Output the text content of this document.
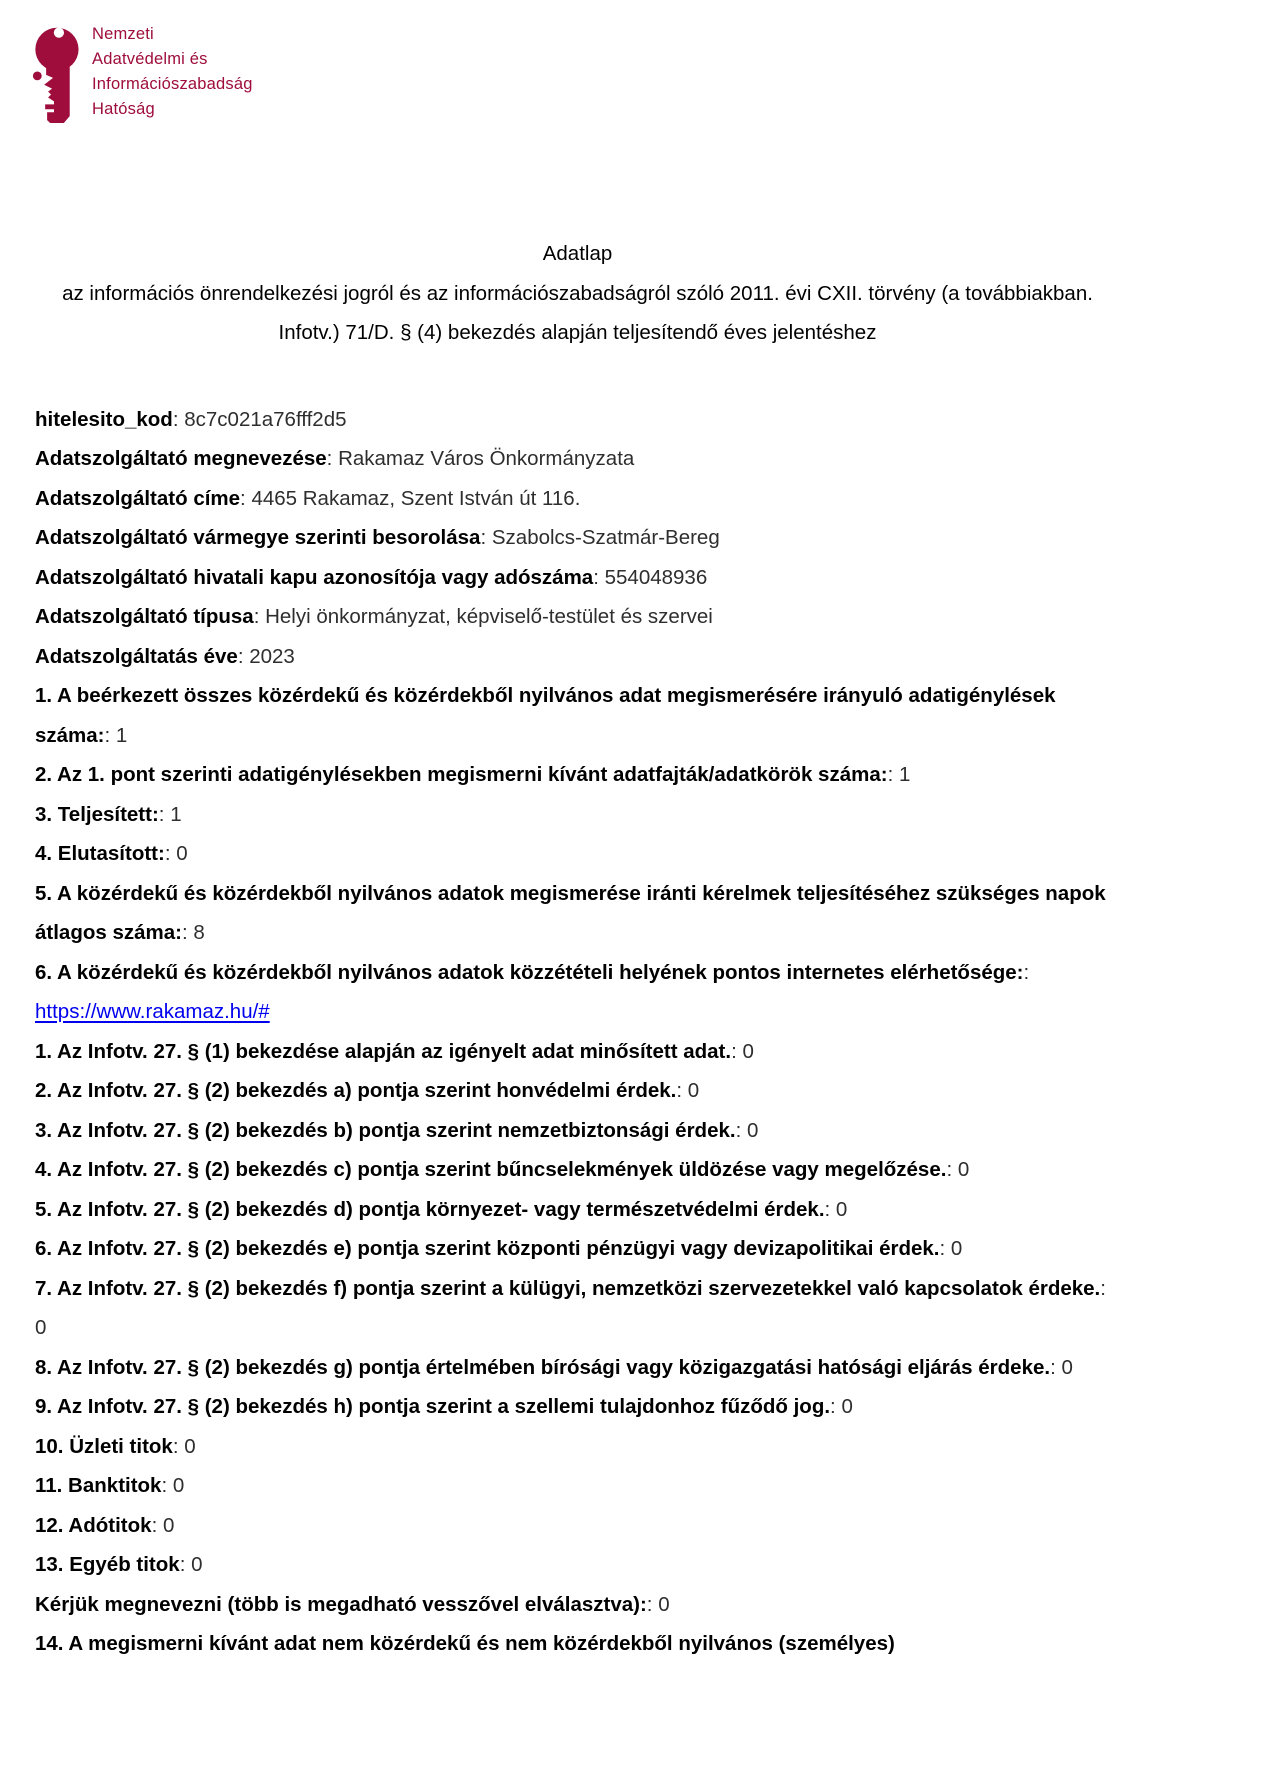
Nemzeti
Adatvédelmi és
Információszabadság
Hatóság

Adatlap

az információs önrendelkezési jogról és az információszabadságról szóló 2011. évi CXII. törvény (a továbbiakban. Infotv.) 71/D. § (4) bekezdés alapján teljesítendő éves jelentéshez

hitelesito_kod: 8c7c021a76fff2d5

Adatszolgáltató megnevezése: Rakamaz Város Önkormányzata

Adatszolgáltató címe: 4465 Rakamaz, Szent István út 116.

Adatszolgáltató vármegye szerinti besorolása: Szabolcs-Szatmár-Bereg

Adatszolgáltató hivatali kapu azonosítója vagy adószáma: 554048936

Adatszolgáltató típusa: Helyi önkormányzat, képviselő-testület és szervei

Adatszolgáltatás éve: 2023

1. A beérkezett összes közérdekű és közérdekből nyilvános adat megismerésére irányuló adatigénylések száma:: 1

2. Az 1. pont szerinti adatigénylésekben megismerni kívánt adatfajták/adatkörök száma:: 1

3. Teljesített:: 1

4. Elutasított:: 0

5. A közérdekű és közérdekből nyilvános adatok megismerése iránti kérelmek teljesítéséhez szükséges napok átlagos száma:: 8

6. A közérdekű és közérdekből nyilvános adatok közzétételi helyének pontos internetes elérhetősége:: https://www.rakamaz.hu/#

1. Az Infotv. 27. § (1) bekezdése alapján az igényelt adat minősített adat.: 0

2. Az Infotv. 27. § (2) bekezdés a) pontja szerint honvédelmi érdek.: 0

3. Az Infotv. 27. § (2) bekezdés b) pontja szerint nemzetbiztonsági érdek.: 0

4. Az Infotv. 27. § (2) bekezdés c) pontja szerint bűncselekmények üldözése vagy megelőzése.: 0

5. Az Infotv. 27. § (2) bekezdés d) pontja környezet- vagy természetvédelmi érdek.: 0

6. Az Infotv. 27. § (2) bekezdés e) pontja szerint központi pénzügyi vagy devizapolitikai érdek.: 0

7. Az Infotv. 27. § (2) bekezdés f) pontja szerint a külügyi, nemzetközi szervezetekkel való kapcsolatok érdeke.: 0

8. Az Infotv. 27. § (2) bekezdés g) pontja értelmében bírósági vagy közigazgatási hatósági eljárás érdeke.: 0

9. Az Infotv. 27. § (2) bekezdés h) pontja szerint a szellemi tulajdonhoz fűződő jog.: 0

10. Üzleti titok: 0

11. Banktitok: 0

12. Adótitok: 0

13. Egyéb titok: 0

Kérjük megnevezni (több is megadható vesszővel elválasztva):: 0

14. A megismerni kívánt adat nem közérdekű és nem közérdekből nyilvános (személyes)
